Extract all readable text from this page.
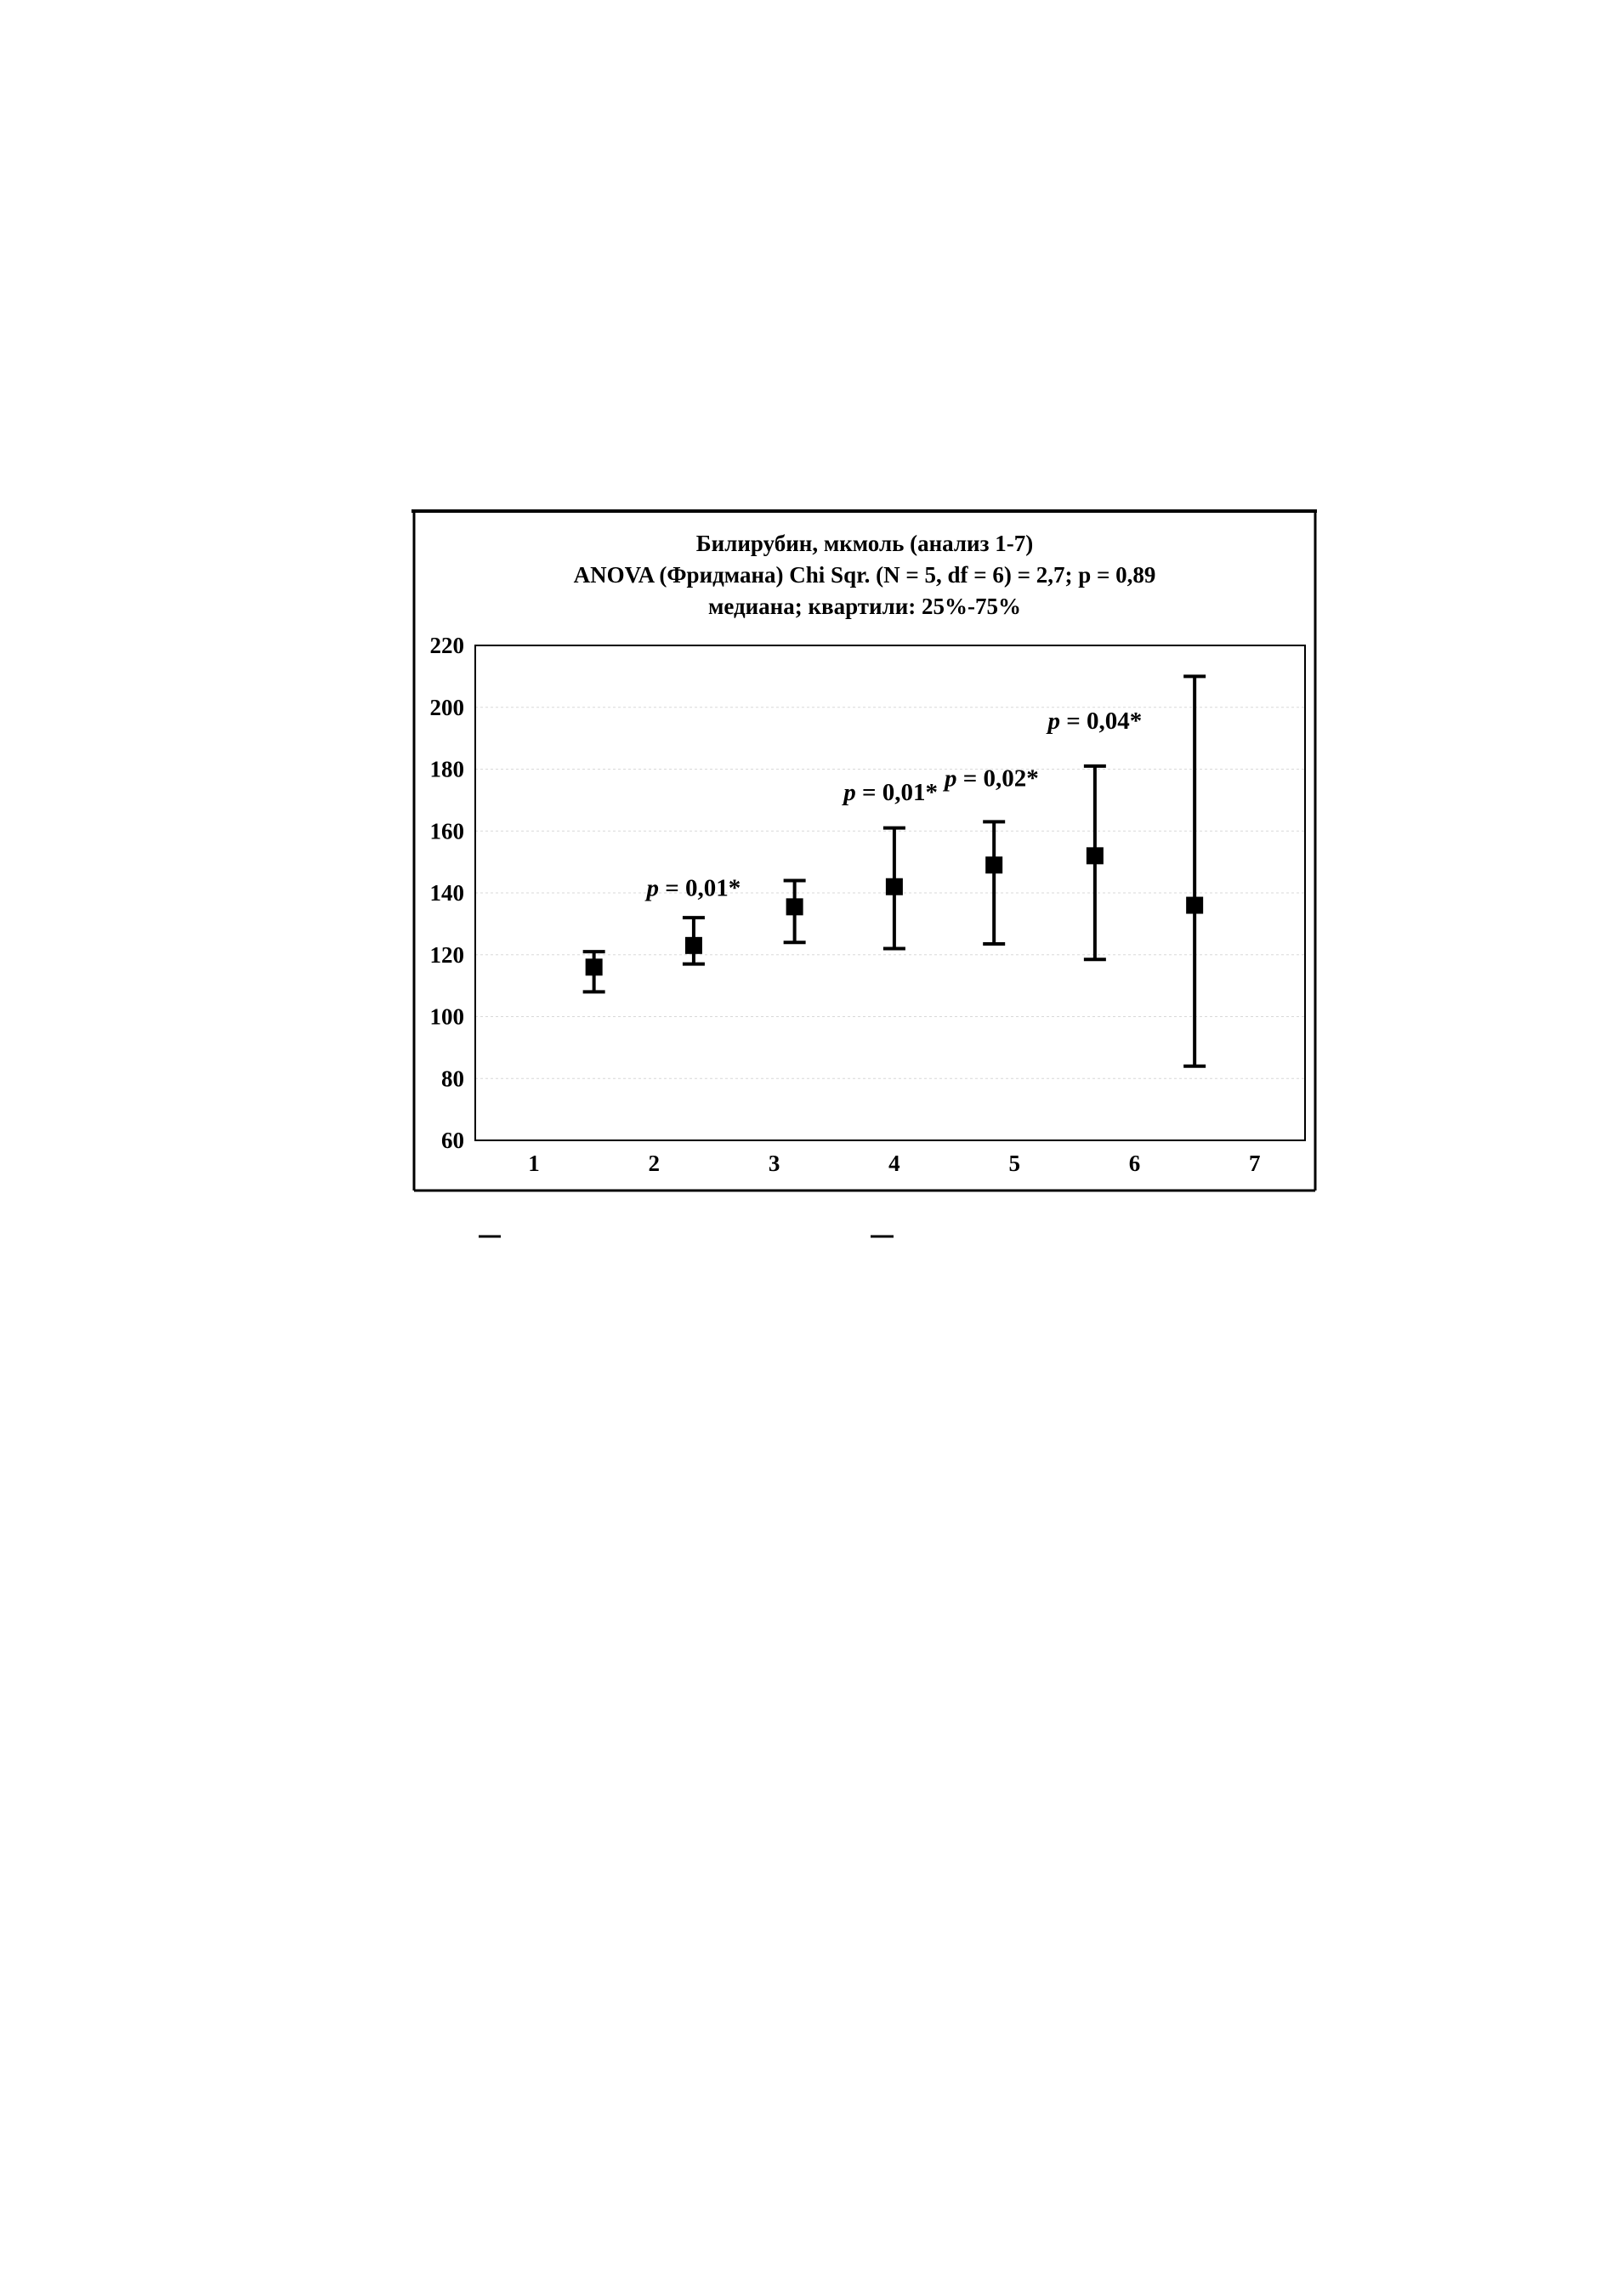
Билирубин, мкмоль (анализ 1-7)
ANOVA (Фридмана) Chi Sqr. (N = 5, df = 6) = 2,7; p = 0,89
медиана; квартили: 25%-75%
220
200
180
160
140
120
100
80
60
1	2	3	4	5	6	7
p = 0,01*
p = 0,01*
p = 0,02*
p = 0,04*
